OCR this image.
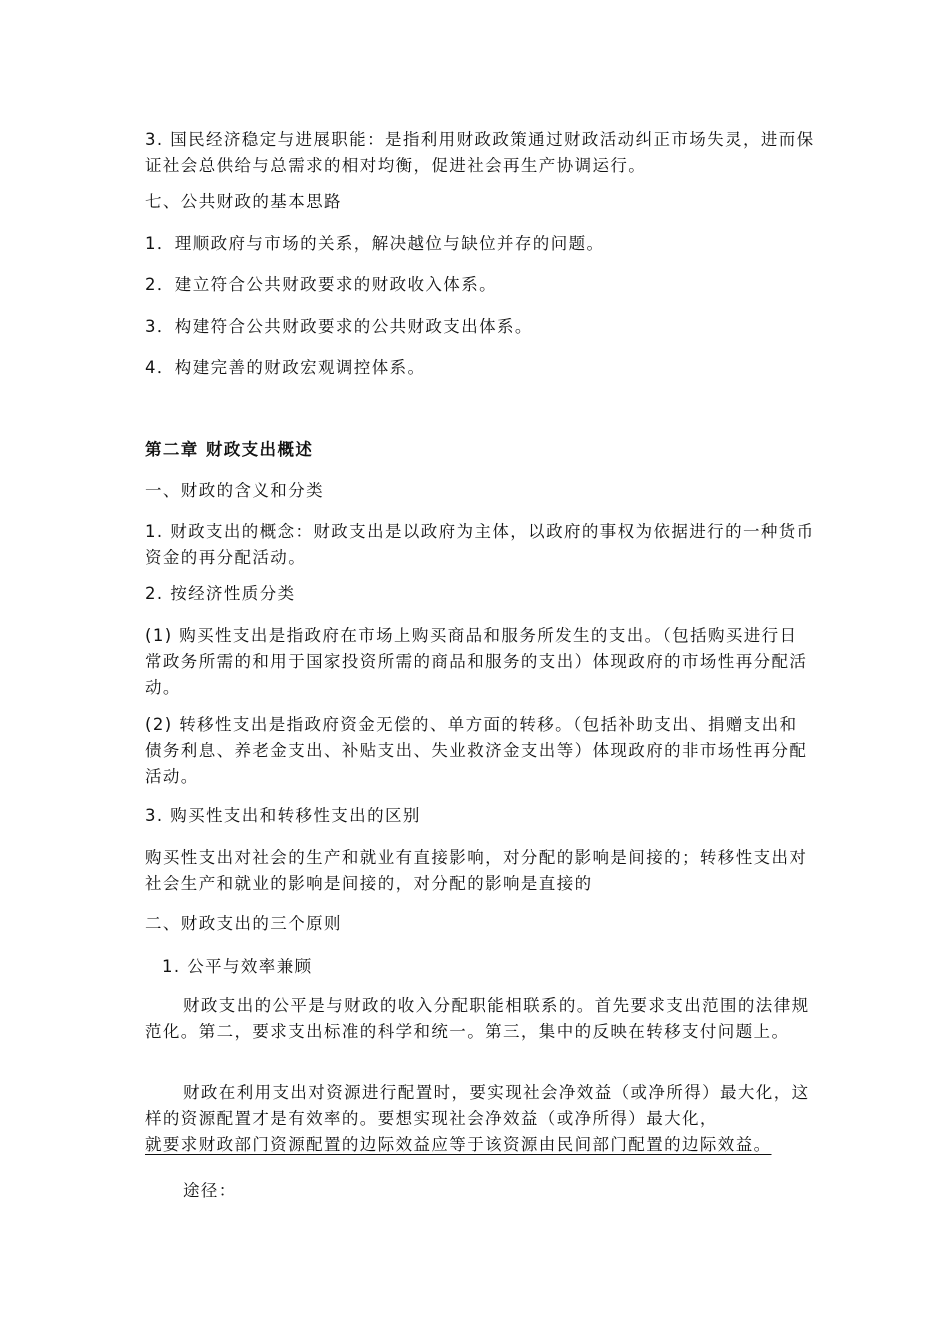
3. 国民经济稳定与进展职能：是指利用财政政策通过财政活动纠正市场失灵，进而保证社会总供给与总需求的相对均衡，促进社会再生产协调运行。

七、公共财政的基本思路

1．理顺政府与市场的关系，解决越位与缺位并存的问题。

2．建立符合公共财政要求的财政收入体系。

3．构建符合公共财政要求的公共财政支出体系。

4．构建完善的财政宏观调控体系。

第二章 财政支出概述

一、财政的含义和分类

1. 财政支出的概念：财政支出是以政府为主体，以政府的事权为依据进行的一种货币资金的再分配活动。

2. 按经济性质分类

(1) 购买性支出是指政府在市场上购买商品和服务所发生的支出。（包括购买进行日常政务所需的和用于国家投资所需的商品和服务的支出）体现政府的市场性再分配活动。

(2) 转移性支出是指政府资金无偿的、单方面的转移。（包括补助支出、捐赠支出和债务利息、养老金支出、补贴支出、失业救济金支出等）体现政府的非市场性再分配活动。

3. 购买性支出和转移性支出的区别

购买性支出对社会的生产和就业有直接影响，对分配的影响是间接的；转移性支出对社会生产和就业的影响是间接的，对分配的影响是直接的

二、财政支出的三个原则

1. 公平与效率兼顾

财政支出的公平是与财政的收入分配职能相联系的。首先要求支出范围的法律规范化。第二，要求支出标准的科学和统一。第三，集中的反映在转移支付问题上。

财政在利用支出对资源进行配置时，要实现社会净效益（或净所得）最大化，这样的资源配置才是有效率的。要想实现社会净效益（或净所得）最大化，

就要求财政部门资源配置的边际效益应等于该资源由民间部门配置的边际效益。

途径：
